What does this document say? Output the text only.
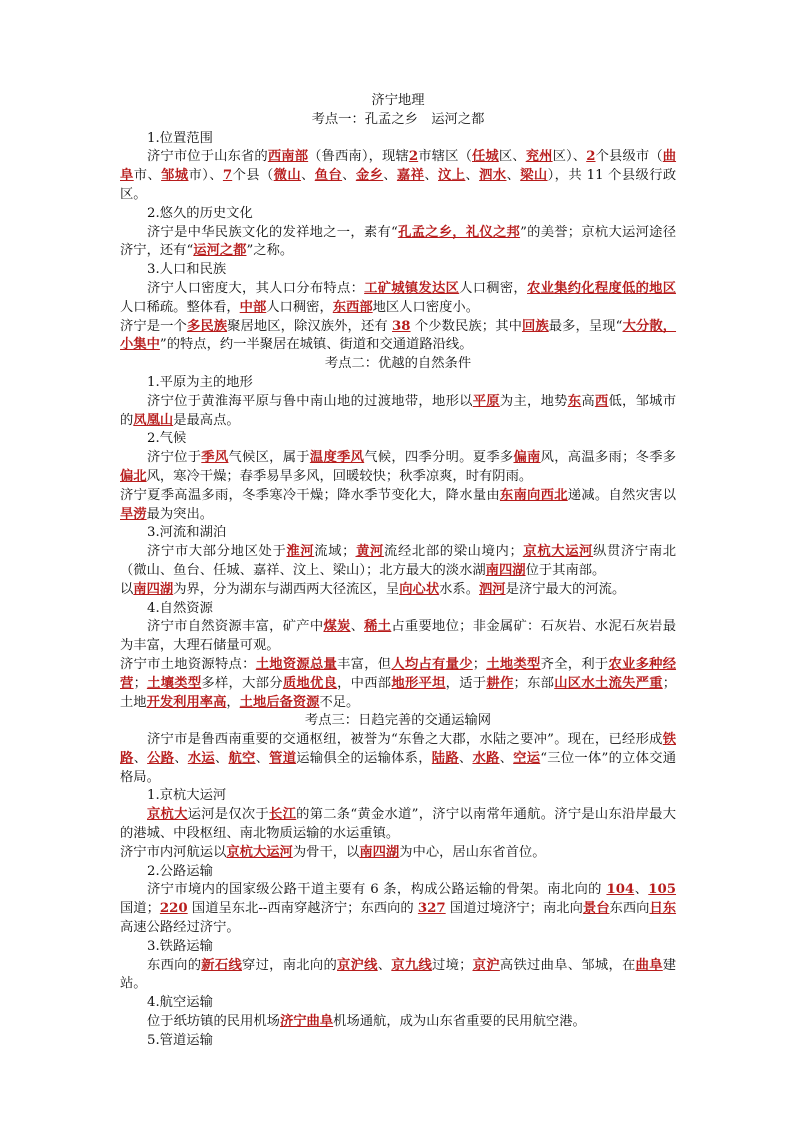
济宁地理

考点一：孔孟之乡　运河之都

1.位置范围

济宁市位于山东省的西南部（鲁西南），现辖2市辖区（任城区、兖州区）、2个县级市（曲阜市、邹城市）、7个县（微山、鱼台、金乡、嘉祥、汶上、泗水、梁山），共 11 个县级行政区。

2.悠久的历史文化

济宁是中华民族文化的发祥地之一，素有“孔孟之乡，礼仪之邦”的美誉；京杭大运河途径济宁，还有“运河之都”之称。

3.人口和民族

济宁人口密度大，其人口分布特点：工矿城镇发达区人口稠密，农业集约化程度低的地区人口稀疏。整体看，中部人口稠密，东西部地区人口密度小。

济宁是一个多民族聚居地区，除汉族外，还有 38 个少数民族；其中回族最多，呈现“大分散，小集中”的特点，约一半聚居在城镇、街道和交通道路沿线。

考点二：优越的自然条件

1.平原为主的地形

济宁位于黄淮海平原与鲁中南山地的过渡地带，地形以平原为主，地势东高西低，邹城市的凤凰山是最高点。

2.气候

济宁位于季风气候区，属于温度季风气候，四季分明。夏季多偏南风，高温多雨；冬季多偏北风，寒冷干燥；春季易旱多风，回暖较快；秋季凉爽，时有阴雨。

济宁夏季高温多雨，冬季寒冷干燥；降水季节变化大，降水量由东南向西北递减。自然灾害以旱涝最为突出。

3.河流和湖泊

济宁市大部分地区处于淮河流域；黄河流经北部的梁山境内；京杭大运河纵贯济宁南北（微山、鱼台、任城、嘉祥、汶上、梁山）；北方最大的淡水湖南四湖位于其南部。

以南四湖为界，分为湖东与湖西两大径流区，呈向心状水系。泗河是济宁最大的河流。

4.自然资源

济宁市自然资源丰富，矿产中煤炭、稀土占重要地位；非金属矿：石灰岩、水泥石灰岩最为丰富，大理石储量可观。

济宁市土地资源特点：土地资源总量丰富，但人均占有量少；土地类型齐全，利于农业多种经营；土壤类型多样，大部分质地优良，中西部地形平坦，适于耕作；东部山区水土流失严重；土地开发利用率高，土地后备资源不足。

考点三：日趋完善的交通运输网

济宁市是鲁西南重要的交通枢纽，被誉为“东鲁之大郡，水陆之要冲”。现在，已经形成铁路、公路、水运、航空、管道运输俱全的运输体系，陆路、水路、空运“三位一体”的立体交通格局。

1.京杭大运河

京杭大运河是仅次于长江的第二条“黄金水道”，济宁以南常年通航。济宁是山东沿岸最大的港城、中段枢纽、南北物质运输的水运重镇。

济宁市内河航运以京杭大运河为骨干，以南四湖为中心，居山东省首位。

2.公路运输

济宁市境内的国家级公路干道主要有 6 条，构成公路运输的骨架。南北向的 104、105 国道；220 国道呈东北--西南穿越济宁；东西向的 327 国道过境济宁；南北向景台东西向日东高速公路经过济宁。

3.铁路运输

东西向的新石线穿过，南北向的京沪线、京九线过境；京沪高铁过曲阜、邹城，在曲阜建站。

4.航空运输

位于纸坊镇的民用机场济宁曲阜机场通航，成为山东省重要的民用航空港。

5.管道运输
